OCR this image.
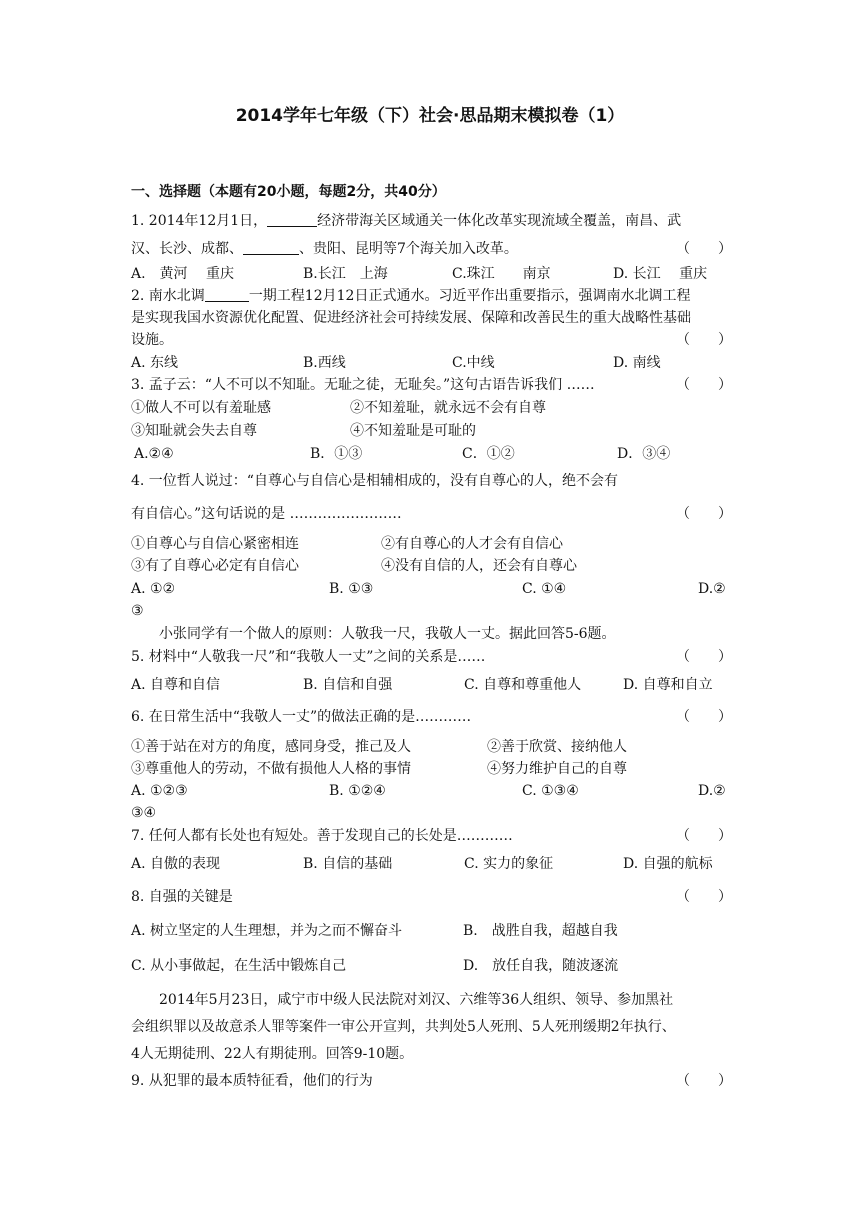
2014学年七年级（下）社会·思品期末模拟卷（1）
一、选择题（本题有20小题，每题2分，共40分）
1. 2014年12月1日，	经济带海关区域通关一体化改革实现流域全覆盖，南昌、武
汉、长沙、成都、	、贵阳、昆明等7个海关加入改革。	（　　）
A.　黄河　 重庆	B.长江　上海	C.珠江　　南京	D. 长江　 重庆
2. 南水北调	一期工程12月12日正式通水。习近平作出重要指示，强调南水北调工程
是实现我国水资源优化配置、促进经济社会可持续发展、保障和改善民生的重大战略性基础
设施。	（　　）
A. 东线	B.西线	C.中线	D. 南线
3. 孟子云：“人不可以不知耻。无耻之徒，无耻矣。”这句古语告诉我们 ……	（　　）
①做人不可以有羞耻感	②不知羞耻，就永远不会有自尊
③知耻就会失去自尊	④不知羞耻是可耻的
A.②④	B．①③	C．①②	D．③④
4. 一位哲人说过：“自尊心与自信心是相辅相成的，没有自尊心的人，绝不会有
有自信心。”这句话说的是 ……………………	（　　）
①自尊心与自信心紧密相连	②有自尊心的人才会有自信心
③有了自尊心必定有自信心	④没有自信的人，还会有自尊心
A. ①②	B. ①③	C. ①④	D.②
③
小张同学有一个做人的原则：人敬我一尺，我敬人一丈。据此回答5-6题。
5. 材料中“人敬我一尺”和“我敬人一丈”之间的关系是……	（　　）
A. 自尊和自信	B. 自信和自强	C. 自尊和尊重他人	D. 自尊和自立
6. 在日常生活中“我敬人一丈”的做法正确的是…………	（　　）
①善于站在对方的角度，感同身受，推己及人	②善于欣赏、接纳他人
③尊重他人的劳动，不做有损他人人格的事情	④努力维护自己的自尊
A. ①②③	B. ①②④	C. ①③④	D.②
③④
7. 任何人都有长处也有短处。善于发现自己的长处是…………	（　　）
A. 自傲的表现	B. 自信的基础	C. 实力的象征	D. 自强的航标
8. 自强的关键是	（　　）
A. 树立坚定的人生理想，并为之而不懈奋斗	B.　战胜自我，超越自我
C. 从小事做起，在生活中锻炼自己	D.　放任自我，随波逐流
2014年5月23日，咸宁市中级人民法院对刘汉、六维等36人组织、领导、参加黑社
会组织罪以及故意杀人罪等案件一审公开宣判，共判处5人死刑、5人死刑缓期2年执行、
4人无期徒刑、22人有期徒刑。回答9-10题。
9. 从犯罪的最本质特征看，他们的行为	（　　）
